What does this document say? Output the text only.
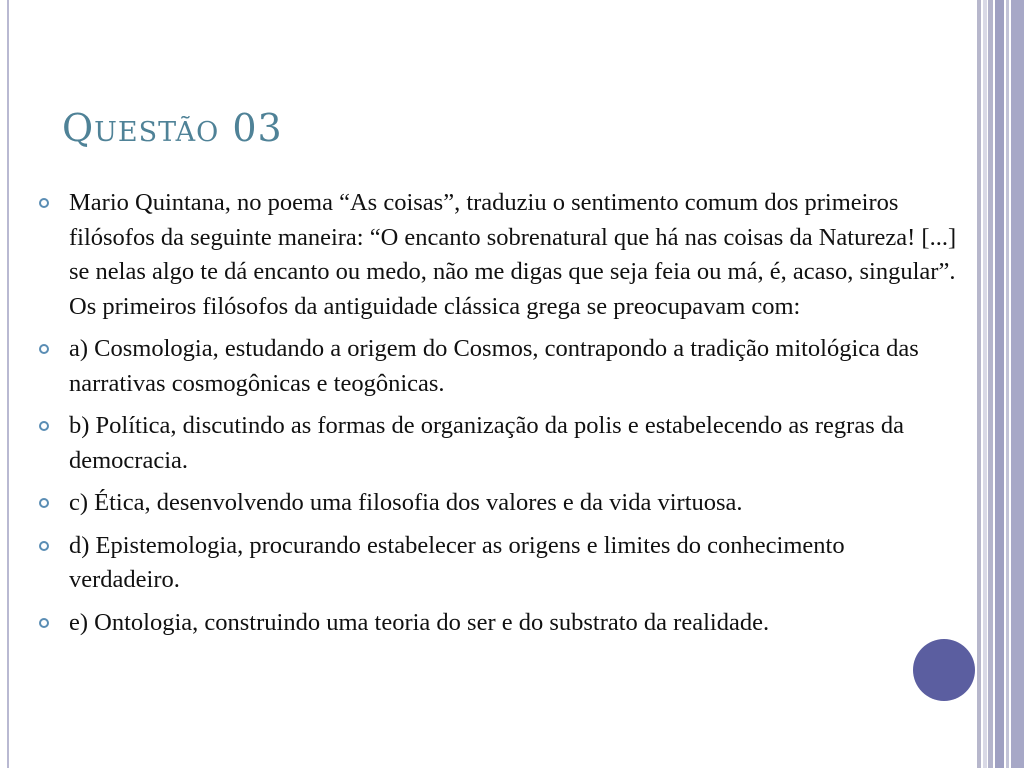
Questão 03
Mario Quintana, no poema “As coisas”, traduziu o sentimento comum dos primeiros filósofos da seguinte maneira: “O encanto sobrenatural que há nas coisas da Natureza! [...] se nelas algo te dá encanto ou medo, não me digas que seja feia ou má, é, acaso, singular”. Os primeiros filósofos da antiguidade clássica grega se preocupavam com:
a) Cosmologia, estudando a origem do Cosmos, contrapondo a tradição mitológica das narrativas cosmogônicas e teogônicas.
b) Política, discutindo as formas de organização da polis e estabelecendo as regras da democracia.
c) Ética, desenvolvendo uma filosofia dos valores e da vida virtuosa.
d) Epistemologia, procurando estabelecer as origens e limites do conhecimento verdadeiro.
e) Ontologia, construindo uma teoria do ser e do substrato da realidade.
